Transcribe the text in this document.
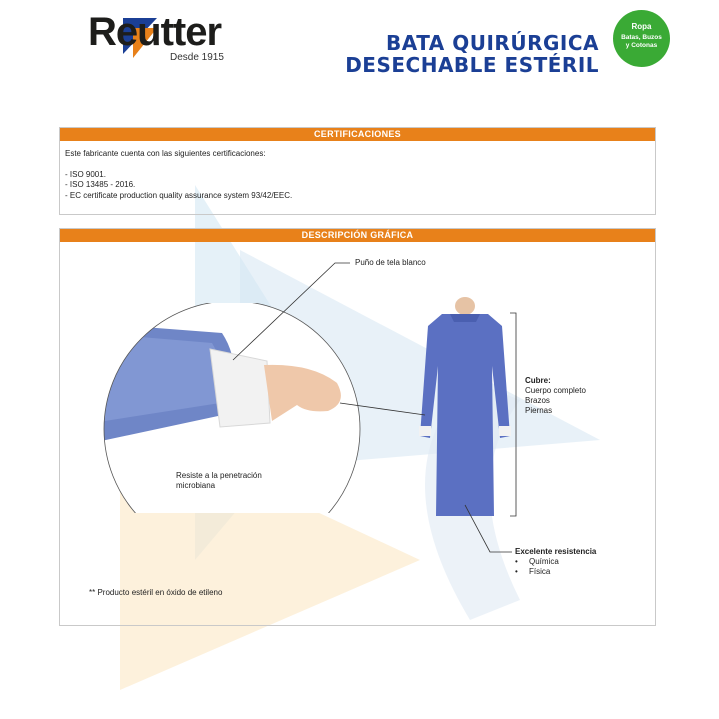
Reutter
Desde 1915
BATA QUIRÚRGICA
DESECHABLE ESTÉRIL
Ropa
Batas, Buzos y Cotonas
CERTIFICACIONES
Este fabricante cuenta con las siguientes certificaciones:
- ISO 9001.
- ISO 13485 - 2016.
- EC certificate production quality assurance system 93/42/EEC.
DESCRIPCIÓN GRÁFICA
Puño de tela blanco
Resiste a la penetración
microbiana
Cubre:
Cuerpo completo
Brazos
Piernas
Excelente resistencia
• Química
• Física
** Producto estéril en óxido de etileno
